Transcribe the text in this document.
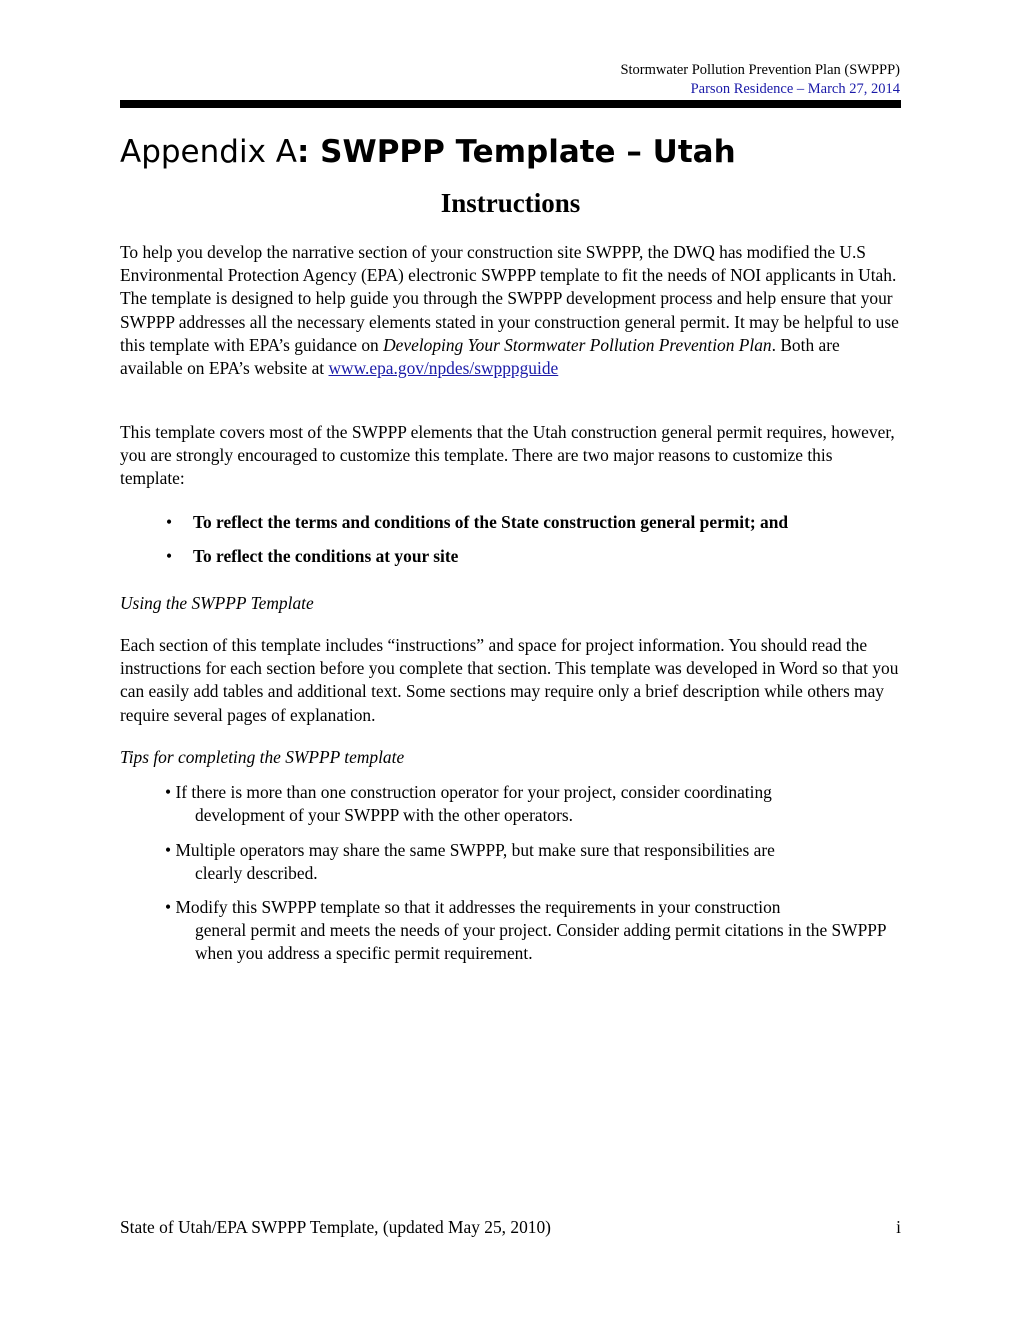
Stormwater Pollution Prevention Plan (SWPPP)
Parson Residence – March 27, 2014
Appendix A: SWPPP Template – Utah
Instructions

To help you develop the narrative section of your construction site SWPPP, the DWQ has modified the U.S Environmental Protection Agency (EPA) electronic SWPPP template to fit the needs of NOI applicants in Utah. The template is designed to help guide you through the SWPPP development process and help ensure that your SWPPP addresses all the necessary elements stated in your construction general permit. It may be helpful to use this template with EPA’s guidance on Developing Your Stormwater Pollution Prevention Plan. Both are available on EPA’s website at www.epa.gov/npdes/swpppguide

This template covers most of the SWPPP elements that the Utah construction general permit requires, however, you are strongly encouraged to customize this template. There are two major reasons to customize this template:

• To reflect the terms and conditions of the State construction general permit; and
• To reflect the conditions at your site

Using the SWPPP Template

Each section of this template includes “instructions” and space for project information. You should read the instructions for each section before you complete that section. This template was developed in Word so that you can easily add tables and additional text. Some sections may require only a brief description while others may require several pages of explanation.

Tips for completing the SWPPP template

• If there is more than one construction operator for your project, consider coordinating
development of your SWPPP with the other operators.
• Multiple operators may share the same SWPPP, but make sure that responsibilities are
clearly described.
• Modify this SWPPP template so that it addresses the requirements in your construction
general permit and meets the needs of your project. Consider adding permit citations in the SWPPP when you address a specific permit requirement.
State of Utah/EPA SWPPP Template, (updated May 25, 2010)	i
